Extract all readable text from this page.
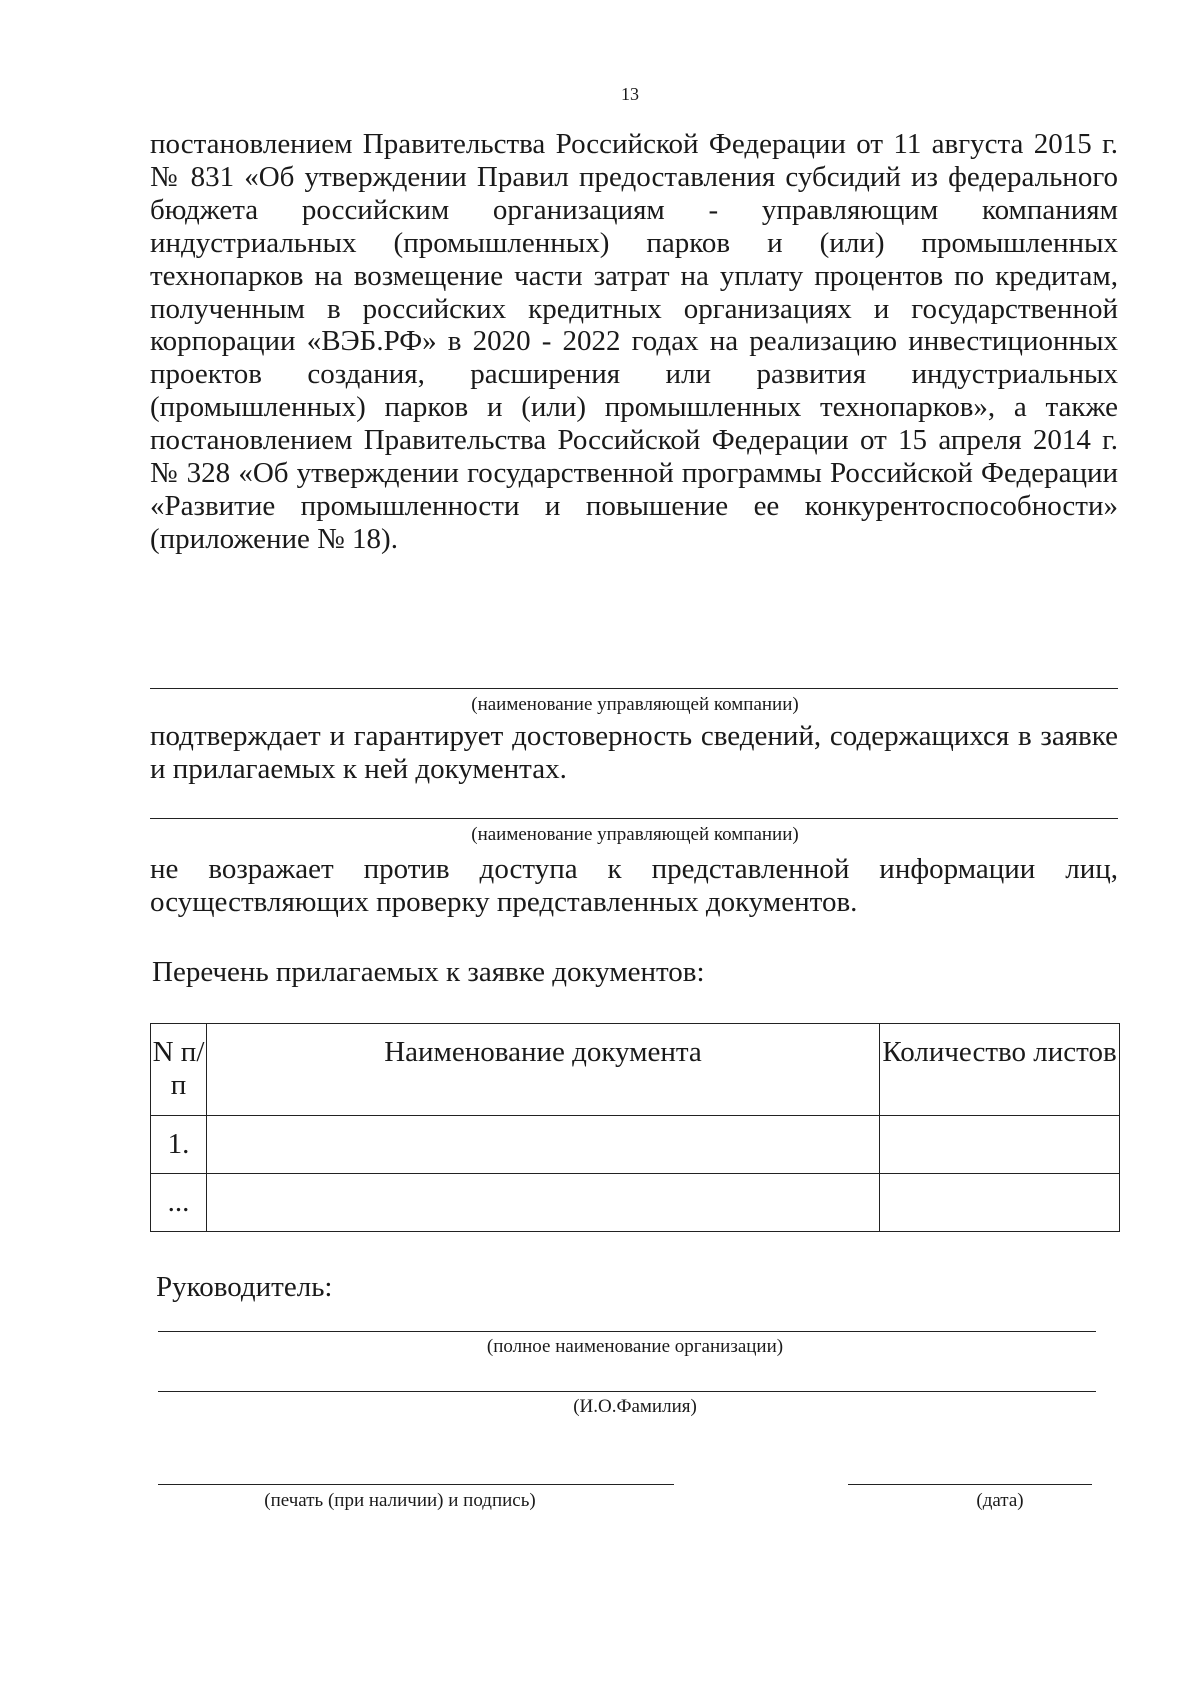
13

постановлением Правительства Российской Федерации от 11 августа 2015 г. № 831 «Об утверждении Правил предоставления субсидий из федерального бюджета российским организациям - управляющим компаниям индустриальных (промышленных) парков и (или) промышленных технопарков на возмещение части затрат на уплату процентов по кредитам, полученным в российских кредитных организациях и государственной корпорации «ВЭБ.РФ» в 2020 - 2022 годах на реализацию инвестиционных проектов создания, расширения или развития индустриальных (промышленных) парков и (или) промышленных технопарков», а также постановлением Правительства Российской Федерации от 15 апреля 2014 г. № 328 «Об утверждении государственной программы Российской Федерации «Развитие промышленности и повышение ее конкурентоспособности» (приложение № 18).

(наименование управляющей компании)

подтверждает и гарантирует достоверность сведений, содержащихся в заявке и прилагаемых к ней документах.

(наименование управляющей компании)

не возражает против доступа к представленной информации лиц, осуществляющих проверку представленных документов.

Перечень прилагаемых к заявке документов:

N п/п	Наименование документа	Количество листов
1.		
...		

Руководитель:

(полное наименование организации)
(И.О.Фамилия)
(печать (при наличии) и подпись)	(дата)
